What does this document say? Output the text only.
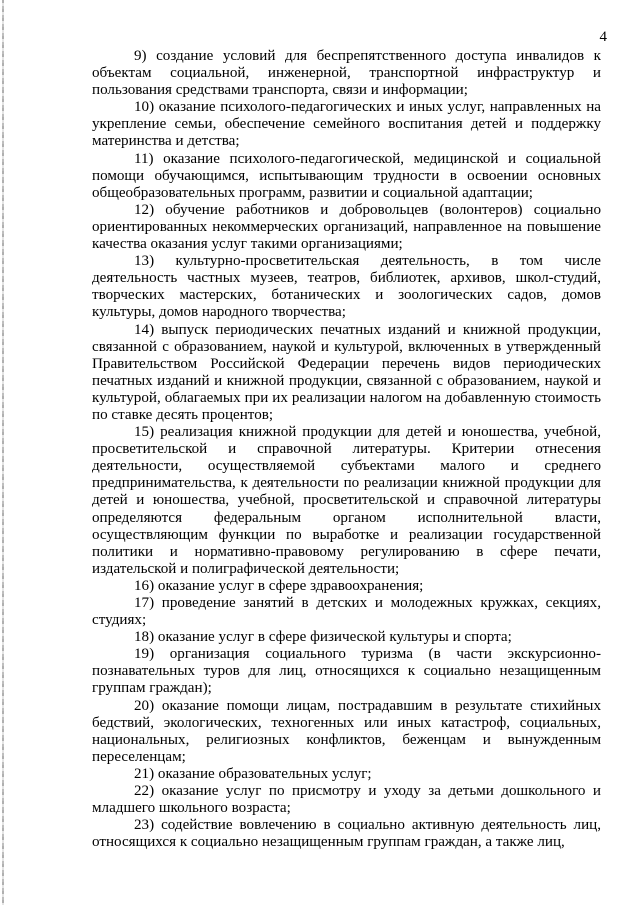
4

9) создание условий для беспрепятственного доступа инвалидов к объектам социальной, инженерной, транспортной инфраструктур и пользования средствами транспорта, связи и информации;

10) оказание психолого-педагогических и иных услуг, направленных на укрепление семьи, обеспечение семейного воспитания детей и поддержку материнства и детства;

11) оказание психолого-педагогической, медицинской и социальной помощи обучающимся, испытывающим трудности в освоении основных общеобразовательных программ, развитии и социальной адаптации;

12) обучение работников и добровольцев (волонтеров) социально ориентированных некоммерческих организаций, направленное на повышение качества оказания услуг такими организациями;

13) культурно-просветительская деятельность, в том числе деятельность частных музеев, театров, библиотек, архивов, школ-студий, творческих мастерских, ботанических и зоологических садов, домов культуры, домов народного творчества;

14) выпуск периодических печатных изданий и книжной продукции, связанной с образованием, наукой и культурой, включенных в утвержденный Правительством Российской Федерации перечень видов периодических печатных изданий и книжной продукции, связанной с образованием, наукой и культурой, облагаемых при их реализации налогом на добавленную стоимость по ставке десять процентов;

15) реализация книжной продукции для детей и юношества, учебной, просветительской и справочной литературы. Критерии отнесения деятельности, осуществляемой субъектами малого и среднего предпринимательства, к деятельности по реализации книжной продукции для детей и юношества, учебной, просветительской и справочной литературы определяются федеральным органом исполнительной власти, осуществляющим функции по выработке и реализации государственной политики и нормативно-правовому регулированию в сфере печати, издательской и полиграфической деятельности;

16) оказание услуг в сфере здравоохранения;

17) проведение занятий в детских и молодежных кружках, секциях, студиях;

18) оказание услуг в сфере физической культуры и спорта;

19) организация социального туризма (в части экскурсионно-познавательных туров для лиц, относящихся к социально незащищенным группам граждан);

20) оказание помощи лицам, пострадавшим в результате стихийных бедствий, экологических, техногенных или иных катастроф, социальных, национальных, религиозных конфликтов, беженцам и вынужденным переселенцам;

21) оказание образовательных услуг;

22) оказание услуг по присмотру и уходу за детьми дошкольного и младшего школьного возраста;

23) содействие вовлечению в социально активную деятельность лиц, относящихся к социально незащищенным группам граждан, а также лиц,
